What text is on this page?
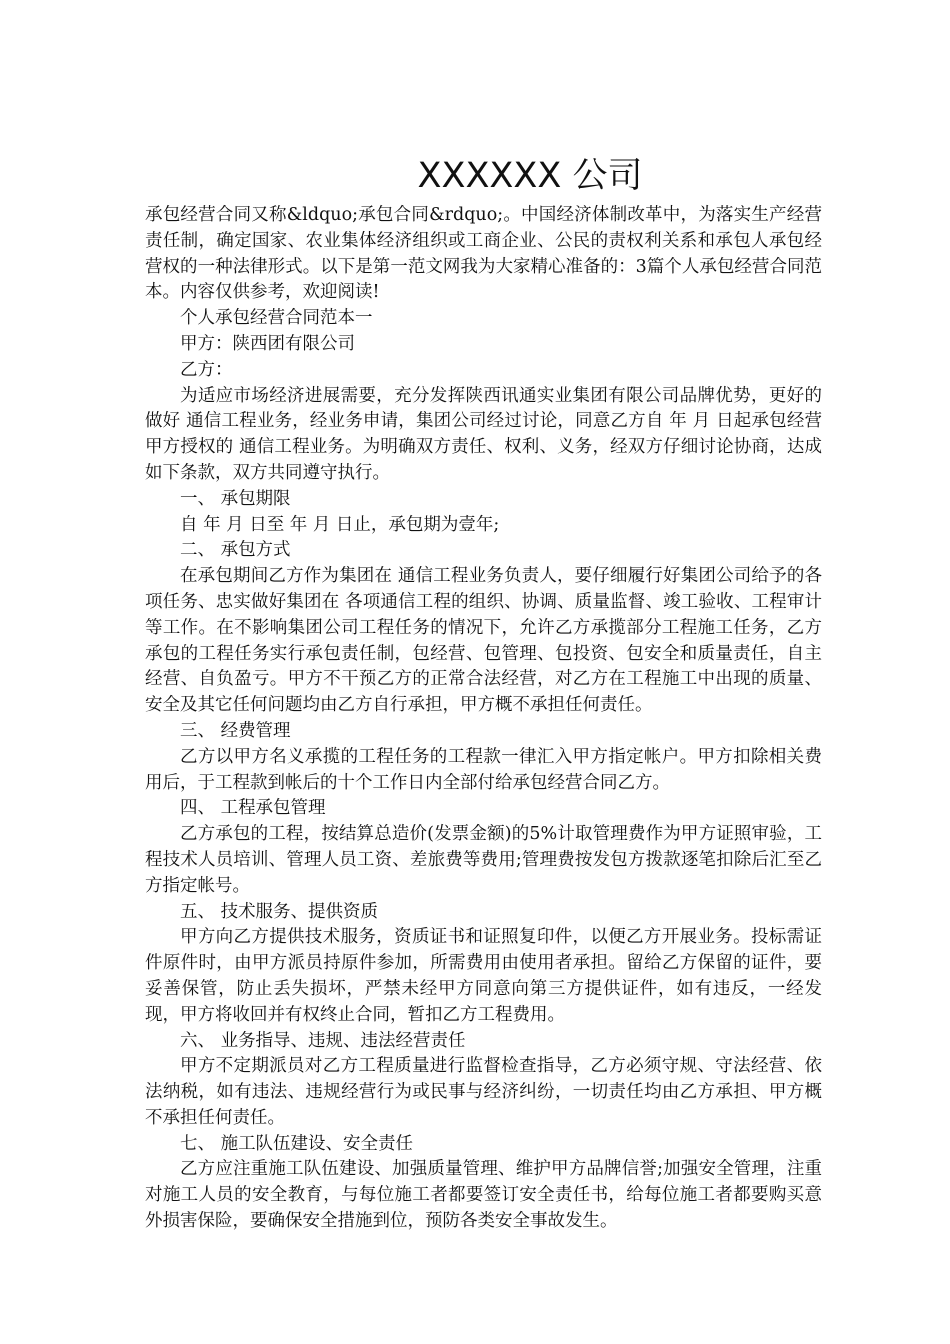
XXXXXX 公司

承包经营合同又称&ldquo;承包合同&rdquo;。中国经济体制改革中，为落实生产经营责任制，确定国家、农业集体经济组织或工商企业、公民的责权利关系和承包人承包经营权的一种法律形式。以下是第一范文网我为大家精心准备的：3篇个人承包经营合同范本。内容仅供参考，欢迎阅读!

个人承包经营合同范本一

甲方：陕西团有限公司

乙方：

为适应市场经济进展需要，充分发挥陕西讯通实业集团有限公司品牌优势，更好的做好 通信工程业务，经业务申请，集团公司经过讨论，同意乙方自 年 月 日起承包经营甲方授权的 通信工程业务。为明确双方责任、权利、义务，经双方仔细讨论协商，达成如下条款，双方共同遵守执行。

一、 承包期限

自 年 月 日至 年 月 日止，承包期为壹年;

二、 承包方式

在承包期间乙方作为集团在 通信工程业务负责人，要仔细履行好集团公司给予的各项任务、忠实做好集团在 各项通信工程的组织、协调、质量监督、竣工验收、工程审计等工作。在不影响集团公司工程任务的情况下，允许乙方承揽部分工程施工任务，乙方承包的工程任务实行承包责任制，包经营、包管理、包投资、包安全和质量责任，自主经营、自负盈亏。甲方不干预乙方的正常合法经营，对乙方在工程施工中出现的质量、安全及其它任何问题均由乙方自行承担，甲方概不承担任何责任。

三、 经费管理

乙方以甲方名义承揽的工程任务的工程款一律汇入甲方指定帐户。甲方扣除相关费用后，于工程款到帐后的十个工作日内全部付给承包经营合同乙方。

四、 工程承包管理

乙方承包的工程，按结算总造价(发票金额)的5%计取管理费作为甲方证照审验，工程技术人员培训、管理人员工资、差旅费等费用;管理费按发包方拨款逐笔扣除后汇至乙方指定帐号。

五、 技术服务、提供资质

甲方向乙方提供技术服务，资质证书和证照复印件，以便乙方开展业务。投标需证件原件时，由甲方派员持原件参加，所需费用由使用者承担。留给乙方保留的证件，要妥善保管，防止丢失损坏，严禁未经甲方同意向第三方提供证件，如有违反，一经发现，甲方将收回并有权终止合同，暂扣乙方工程费用。

六、 业务指导、违规、违法经营责任

甲方不定期派员对乙方工程质量进行监督检查指导，乙方必须守规、守法经营、依法纳税，如有违法、违规经营行为或民事与经济纠纷，一切责任均由乙方承担、甲方概不承担任何责任。

七、 施工队伍建设、安全责任

乙方应注重施工队伍建设、加强质量管理、维护甲方品牌信誉;加强安全管理，注重对施工人员的安全教育，与每位施工者都要签订安全责任书，给每位施工者都要购买意外损害保险，要确保安全措施到位，预防各类安全事故发生。
